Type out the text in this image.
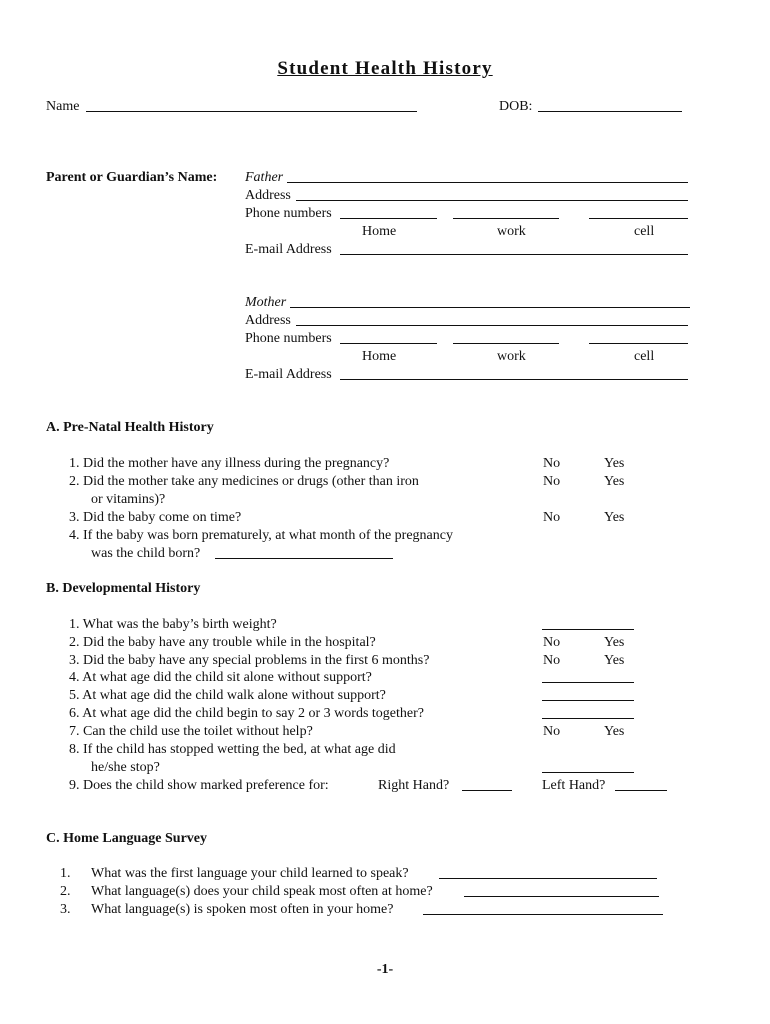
Student Health History
Name	DOB:
Parent or Guardian’s Name: Father
Address
Phone numbers
Home	work	cell
E-mail Address
Mother
Address
Phone numbers
Home	work	cell
E-mail Address
A. Pre-Natal Health History
1. Did the mother have any illness during the pregnancy?	No	Yes
2. Did the mother take any medicines or drugs (other than iron	No	Yes
or vitamins)?
3. Did the baby come on time?	No	Yes
4. If the baby was born prematurely, at what month of the pregnancy
was the child born?
B. Developmental History
1. What was the baby’s birth weight?
2. Did the baby have any trouble while in the hospital?	No	Yes
3. Did the baby have any special problems in the first 6 months?	No	Yes
4. At what age did the child sit alone without support?
5. At what age did the child walk alone without support?
6. At what age did the child begin to say 2 or 3 words together?
7. Can the child use the toilet without help?	No	Yes
8. If the child has stopped wetting the bed, at what age did
he/she stop?
9. Does the child show marked preference for:	Right Hand?	Left Hand?
C. Home Language Survey
1. What was the first language your child learned to speak?
2. What language(s) does your child speak most often at home?
3. What language(s) is spoken most often in your home?
-1-
